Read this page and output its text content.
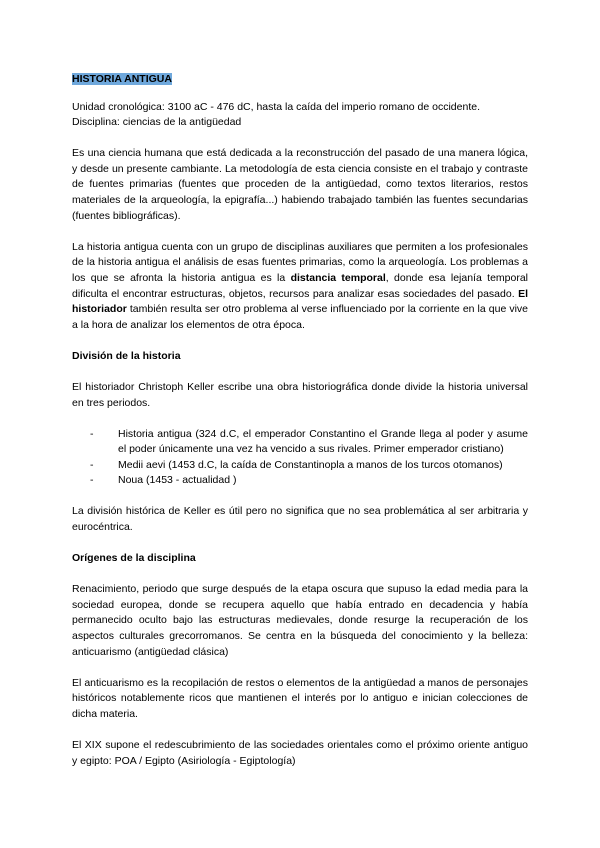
HISTORIA ANTIGUA

Unidad cronológica: 3100 aC - 476 dC, hasta la caída del imperio romano de occidente.
Disciplina: ciencias de la antigüedad

Es una ciencia humana que está dedicada a la reconstrucción del pasado de una manera lógica, y desde un presente cambiante. La metodología de esta ciencia consiste en el trabajo y contraste de fuentes primarias (fuentes que proceden de la antigüedad, como textos literarios, restos materiales de la arqueología, la epigrafía...) habiendo trabajado también las fuentes secundarias (fuentes bibliográficas).

La historia antigua cuenta con un grupo de disciplinas auxiliares que permiten a los profesionales de la historia antigua el análisis de esas fuentes primarias, como la arqueología. Los problemas a los que se afronta la historia antigua es la distancia temporal, donde esa lejanía temporal dificulta el encontrar estructuras, objetos, recursos para analizar esas sociedades del pasado. El historiador también resulta ser otro problema al verse influenciado por la corriente en la que vive a la hora de analizar los elementos de otra época.

División de la historia

El historiador Christoph Keller escribe una obra historiográfica donde divide la historia universal en tres periodos.

- Historia antigua (324 d.C, el emperador Constantino el Grande llega al poder y asume el poder únicamente una vez ha vencido a sus rivales. Primer emperador cristiano)
- Medii aevi (1453 d.C, la caída de Constantinopla a manos de los turcos otomanos)
- Noua (1453 - actualidad )

La división histórica de Keller es útil pero no significa que no sea problemática al ser arbitraria y eurocéntrica.

Orígenes de la disciplina

Renacimiento, periodo que surge después de la etapa oscura que supuso la edad media para la sociedad europea, donde se recupera aquello que había entrado en decadencia y había permanecido oculto bajo las estructuras medievales, donde resurge la recuperación de los aspectos culturales grecorromanos. Se centra en la búsqueda del conocimiento y la belleza: anticuarismo (antigüedad clásica)

El anticuarismo es la recopilación de restos o elementos de la antigüedad a manos de personajes históricos notablemente ricos que mantienen el interés por lo antiguo e inician colecciones de dicha materia.

El XIX supone el redescubrimiento de las sociedades orientales como el próximo oriente antiguo y egipto: POA / Egipto (Asiriología - Egiptología)
